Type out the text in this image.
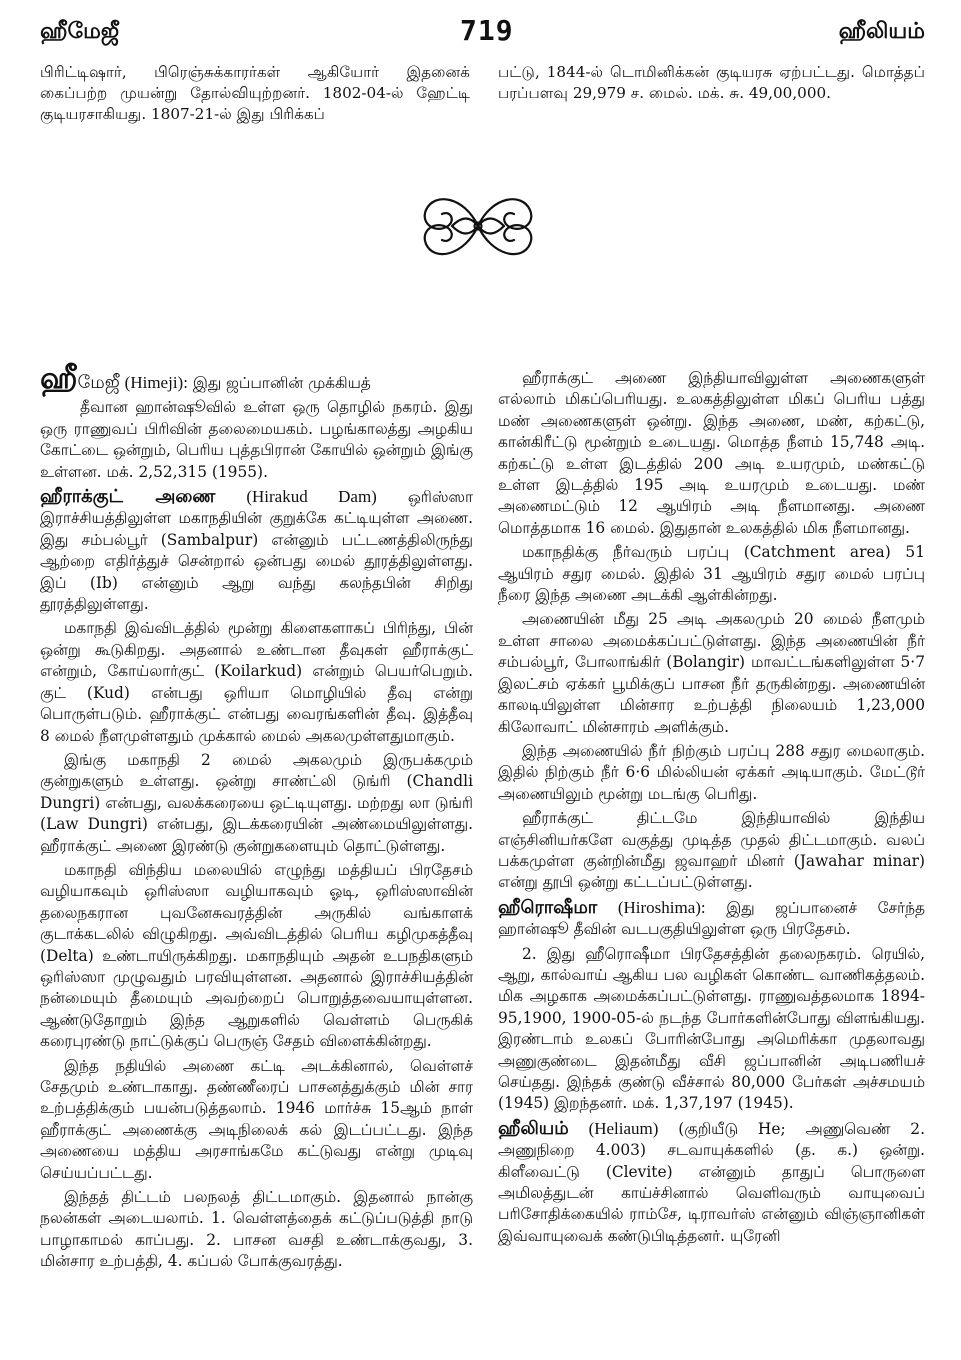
ஹீமேஜீ	719	ஹீலியம்
பிரிட்டிஷார், பிரெஞ்சுக்காரர்கள் ஆகியோர் இதனைக் கைப்பற்ற முயன்று தோல்வியுற்றனர். 1802-04-ல் ஹேட்டி குடியரசாகியது. 1807-21-ல் இது பிரிக்கப்
பட்டு, 1844-ல் டொமினிக்கன் குடியரசு ஏற்பட்டது. மொத்தப் பரப்பளவு 29,979 ச. மைல். மக். சு. 49,00,000.

ஹீமேஜீ (Himeji): இது ஜப்பானின் முக்கியத்

தீவான ஹான்ஷூவில் உள்ள ஒரு தொழில் நகரம். இது ஒரு ராணுவப் பிரிவின் தலைமையகம். பழங்காலத்து அழகிய கோட்டை ஒன்றும், பெரிய புத்தபிரான் கோயில் ஒன்றும் இங்கு உள்ளன. மக். 2,52,315 (1955).

ஹீராக்குட் அணை (Hirakud Dam) ஒரிஸ்ஸா இராச்சியத்திலுள்ள மகாநதியின் குறுக்கே கட்டியுள்ள அணை. இது சம்பல்பூர் (Sambalpur) என்னும் பட்டணத்திலிருந்து ஆற்றை எதிர்த்துச் சென்றால் ஒன்பது மைல் தூரத்திலுள்ளது. இப் (Ib) என்னும் ஆறு வந்து கலந்தபின் சிறிது தூரத்திலுள்ளது.

மகாநதி இவ்விடத்தில் மூன்று கிளைகளாகப் பிரிந்து, பின் ஒன்று கூடுகிறது. அதனால் உண்டான தீவுகள் ஹீராக்குட் என்றும், கோய்லார்குட் (Koilarkud) என்றும் பெயர்பெறும். குட் (Kud) என்பது ஒரியா மொழியில் தீவு என்று பொருள்படும். ஹீராக்குட் என்பது வைரங்களின் தீவு. இத்தீவு 8 மைல் நீளமுள்ளதும் முக்கால் மைல் அகலமுள்ளதுமாகும்.

இங்கு மகாநதி 2 மைல் அகலமும் இருபக்கமும் குன்றுகளும் உள்ளது. ஒன்று சாண்ட்லி டுங்ரி (Chandli Dungri) என்பது, வலக்கரையை ஒட்டியுளது. மற்றது லா டுங்ரி (Law Dungri) என்பது, இடக்கரையின் அண்மையிலுள்ளது. ஹீராக்குட் அணை இரண்டு குன்றுகளையும் தொட்டுள்ளது.

மகாநதி விந்திய மலையில் எழுந்து மத்தியப் பிரதேசம் வழியாகவும் ஒரிஸ்ஸா வழியாகவும் ஓடி, ஒரிஸ்ஸாவின் தலைநகரான புவனேசுவரத்தின் அருகில் வங்காளக் குடாக்கடலில் விழுகிறது. அவ்விடத்தில் பெரிய கழிமுகத்தீவு (Delta) உண்டாயிருக்கிறது. மகாநதியும் அதன் உபநதிகளும் ஒரிஸ்ஸா முழுவதும் பரவியுள்ளன. அதனால் இராச்சியத்தின் நன்மையும் தீமையும் அவற்றைப் பொறுத்தவையாயுள்ளன. ஆண்டுதோறும் இந்த ஆறுகளில் வெள்ளம் பெருகிக் கரைபுரண்டு நாட்டுக்குப் பெருஞ் சேதம் விளைக்கின்றது.

இந்த நதியில் அணை கட்டி அடக்கினால், வெள்ளச் சேதமும் உண்டாகாது. தண்ணீரைப் பாசனத்துக்கும் மின் சார உற்பத்திக்கும் பயன்படுத்தலாம். 1946 மார்ச்சு 15ஆம் நாள் ஹீராக்குட் அணைக்கு அடிநிலைக் கல் இடப்பட்டது. இந்த அணையை மத்திய அரசாங்கமே கட்டுவது என்று முடிவு செய்யப்பட்டது.

இந்தத் திட்டம் பலநலத் திட்டமாகும். இதனால் நான்கு நலன்கள் அடையலாம். 1. வெள்ளத்தைக் கட்டுப்படுத்தி நாடு பாழாகாமல் காப்பது. 2. பாசன வசதி உண்டாக்குவது, 3. மின்சார உற்பத்தி, 4. கப்பல் போக்குவரத்து.

ஹீராக்குட் அணை இந்தியாவிலுள்ள அணைகளுள் எல்லாம் மிகப்பெரியது. உலகத்திலுள்ள மிகப் பெரிய பத்து மண் அணைகளுள் ஒன்று. இந்த அணை, மண், கற்கட்டு, கான்கிரீட்டு மூன்றும் உடையது. மொத்த நீளம் 15,748 அடி. கற்கட்டு உள்ள இடத்தில் 200 அடி உயரமும், மண்கட்டு உள்ள இடத்தில் 195 அடி உயரமும் உடையது. மண் அணைமட்டும் 12 ஆயிரம் அடி நீளமானது. அணை மொத்தமாக 16 மைல். இதுதான் உலகத்தில் மிக நீளமானது.

மகாநதிக்கு நீர்வரும் பரப்பு (Catchment area) 51 ஆயிரம் சதுர மைல். இதில் 31 ஆயிரம் சதுர மைல் பரப்பு நீரை இந்த அணை அடக்கி ஆள்கின்றது.

அணையின் மீது 25 அடி அகலமும் 20 மைல் நீளமும் உள்ள சாலை அமைக்கப்பட்டுள்ளது. இந்த அணையின் நீர் சம்பல்பூர், போலாங்கிர் (Bolangir) மாவட்டங்களிலுள்ள 5·7 இலட்சம் ஏக்கர் பூமிக்குப் பாசன நீர் தருகின்றது. அணையின் காலடியிலுள்ள மின்சார உற்பத்தி நிலையம் 1,23,000 கிலோவாட் மின்சாரம் அளிக்கும்.

இந்த அணையில் நீர் நிற்கும் பரப்பு 288 சதுர மைலாகும். இதில் நிற்கும் நீர் 6·6 மில்லியன் ஏக்கர் அடியாகும். மேட்டூர் அணையிலும் மூன்று மடங்கு பெரிது.

ஹீராக்குட் திட்டமே இந்தியாவில் இந்திய எஞ்சினியர்களே வகுத்து முடித்த முதல் திட்டமாகும். வலப் பக்கமுள்ள குன்றின்மீது ஜவாஹர் மினர் (Jawahar minar) என்று தூபி ஒன்று கட்டப்பட்டுள்ளது.

ஹீரொஷீமா (Hiroshima): இது ஜப்பானைச் சேர்ந்த ஹான்ஷூ தீவின் வடபகுதியிலுள்ள ஒரு பிரதேசம்.

2. இது ஹீரொஷீமா பிரதேசத்தின் தலைநகரம். ரெயில், ஆறு, கால்வாய் ஆகிய பல வழிகள் கொண்ட வாணிகத்தலம். மிக அழகாக அமைக்கப்பட்டுள்ளது. ராணுவத்தலமாக 1894-95,1900, 1900-05-ல் நடந்த போர்களின்போது விளங்கியது. இரண்டாம் உலகப் போரின்போது அமெரிக்கா முதலாவது அணுகுண்டை இதன்மீது வீசி ஜப்பானின் அடிபணியச் செய்தது. இந்தக் குண்டு வீச்சால் 80,000 பேர்கள் அச்சமயம் (1945) இறந்தனர். மக். 1,37,197 (1945).

ஹீலியம் (Heliaum) (குறியீடு He; அணுவெண் 2. அணுநிறை 4.003) சடவாயுக்களில் (த. க.) ஒன்று. கிளீவைட்டு (Clevite) என்னும் தாதுப் பொருளை அமிலத்துடன் காய்ச்சினால் வெளிவரும் வாயுவைப் பரிசோதிக்கையில் ராம்சே, டிராவர்ஸ் என்னும் விஞ்ஞானிகள் இவ்வாயுவைக் கண்டுபிடித்தனர். யுரேனி
